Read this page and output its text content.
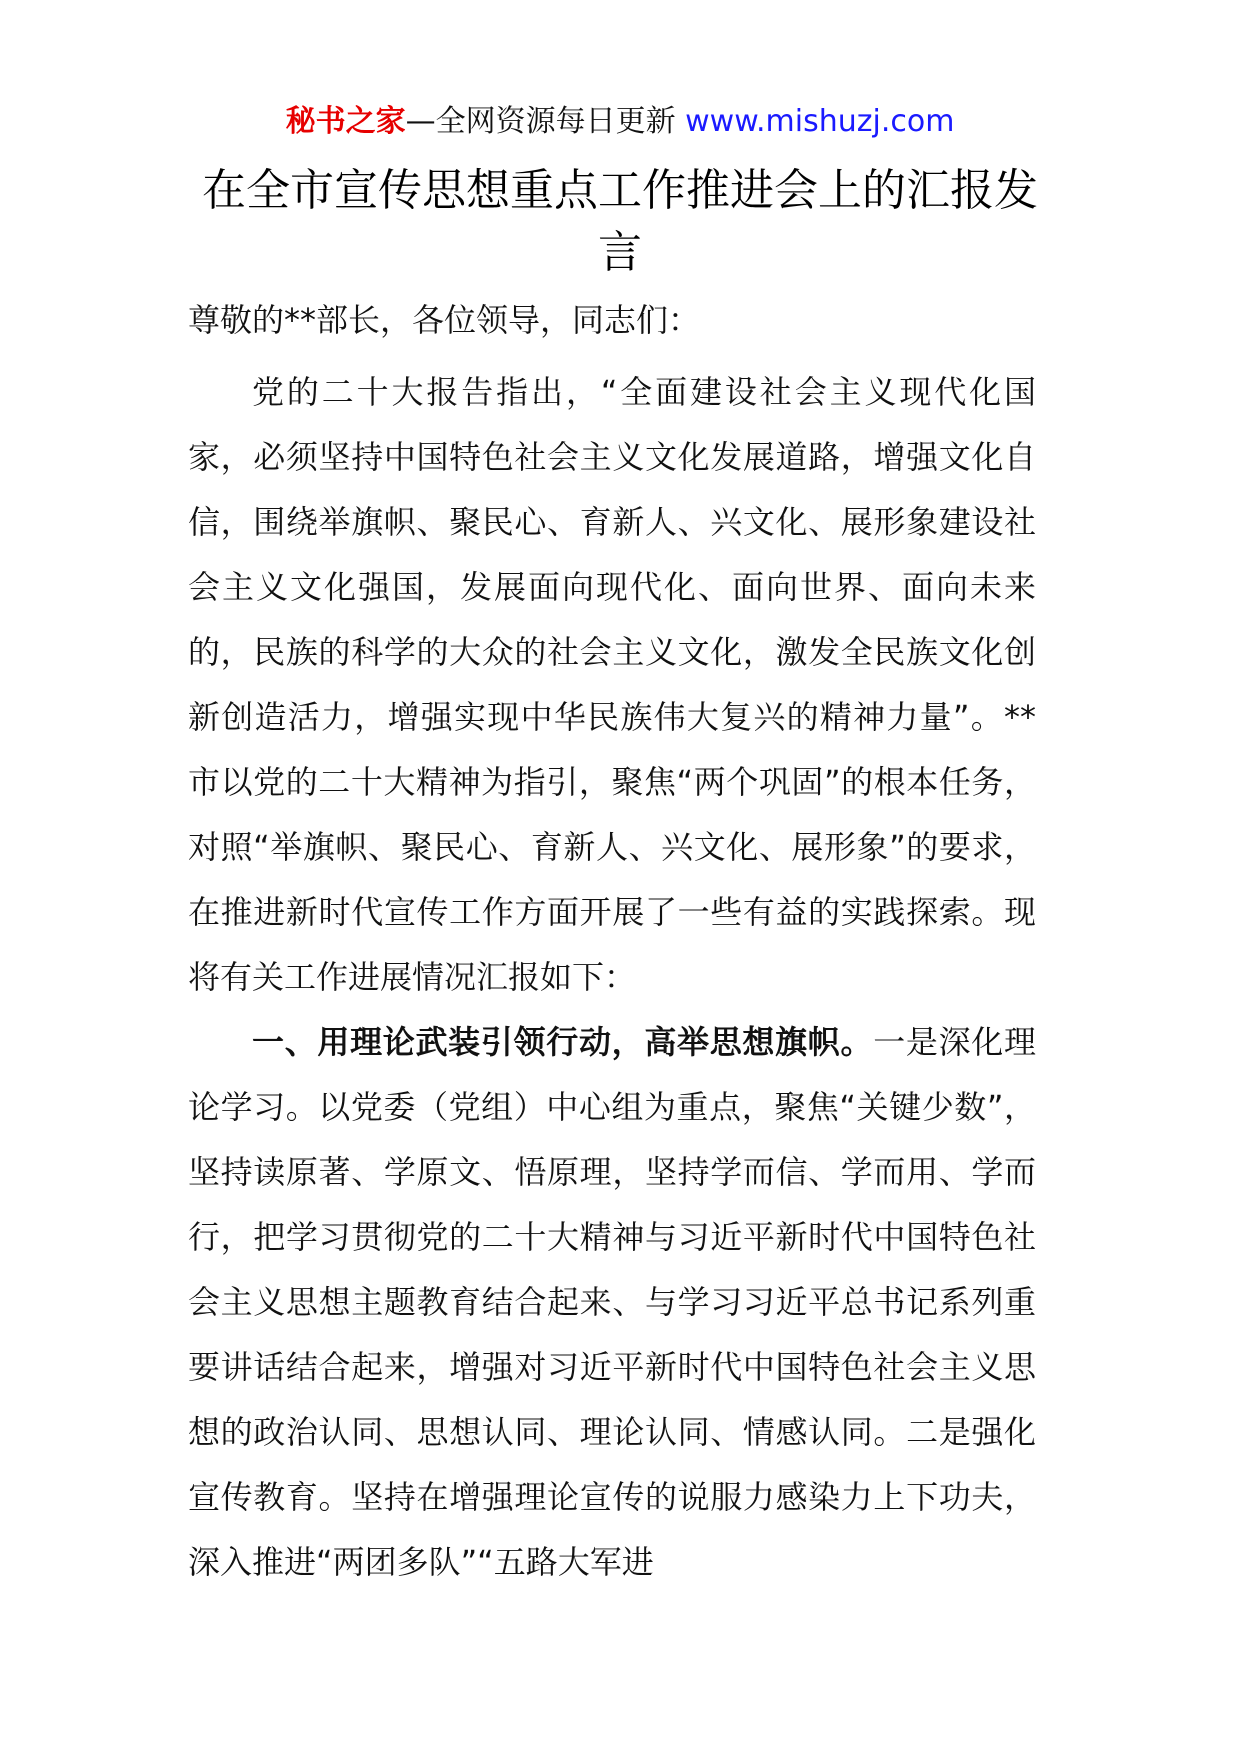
秘书之家—全网资源每日更新 www.mishuzj.com
在全市宣传思想重点工作推进会上的汇报发言
尊敬的**部长，各位领导，同志们：

党的二十大报告指出，“全面建设社会主义现代化国家，必须坚持中国特色社会主义文化发展道路，增强文化自信，围绕举旗帜、聚民心、育新人、兴文化、展形象建设社会主义文化强国，发展面向现代化、面向世界、面向未来的，民族的科学的大众的社会主义文化，激发全民族文化创新创造活力，增强实现中华民族伟大复兴的精神力量”。**市以党的二十大精神为指引，聚焦“两个巩固”的根本任务，对照“举旗帜、聚民心、育新人、兴文化、展形象”的要求，在推进新时代宣传工作方面开展了一些有益的实践探索。现将有关工作进展情况汇报如下：

一、用理论武装引领行动，高举思想旗帜。一是深化理论学习。以党委（党组）中心组为重点，聚焦“关键少数”，坚持读原著、学原文、悟原理，坚持学而信、学而用、学而行，把学习贯彻党的二十大精神与习近平新时代中国特色社会主义思想主题教育结合起来、与学习习近平总书记系列重要讲话结合起来，增强对习近平新时代中国特色社会主义思想的政治认同、思想认同、理论认同、情感认同。二是强化宣传教育。坚持在增强理论宣传的说服力感染力上下功夫，深入推进“两团多队”“五路大军进
